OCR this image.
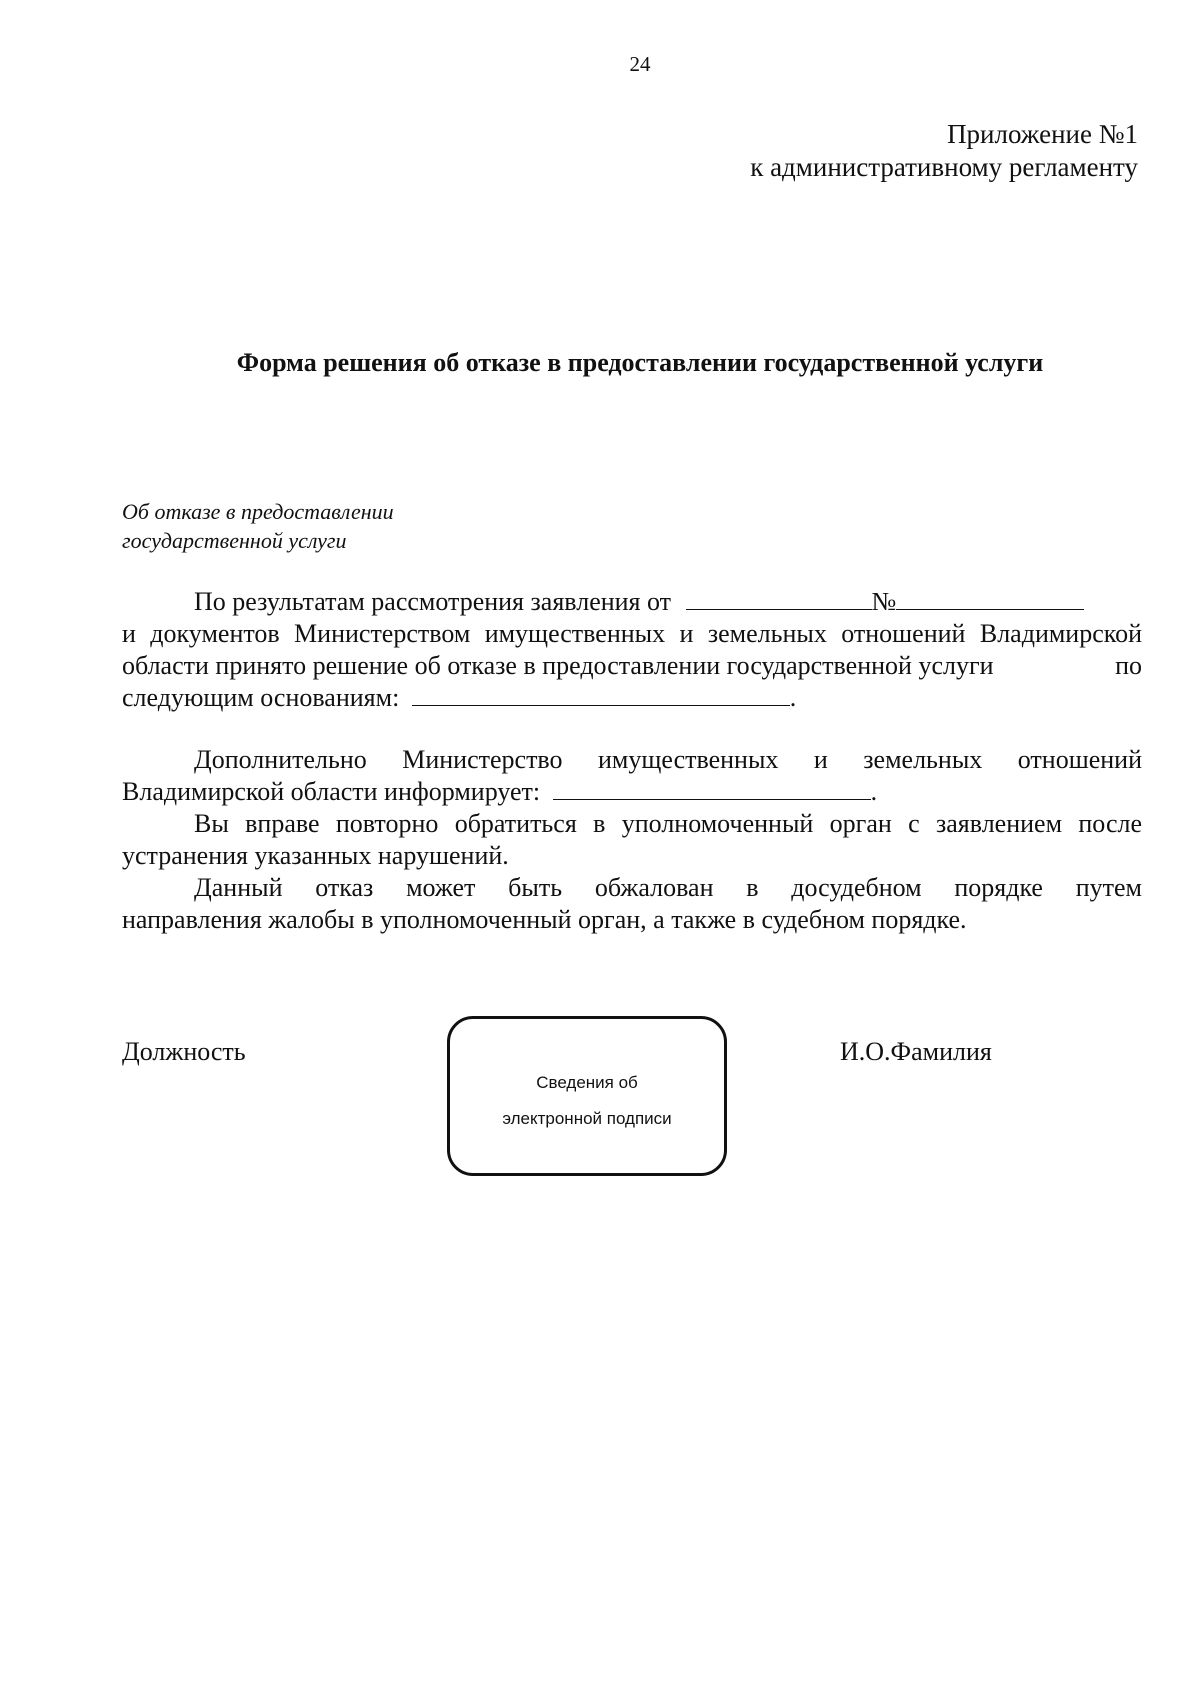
24
Приложение №1
к административному регламенту
Форма решения об отказе в предоставлении государственной услуги
Об отказе в предоставлении
государственной услуги
По результатам рассмотрения заявления от	№
и документов Министерством имущественных и земельных отношений Владимирской
области принято решение об отказе в предоставлении государственной услуги	по
следующим основаниям:	.
Дополнительно Министерство имущественных и земельных отношений
Владимирской области информирует:	.
Вы вправе повторно обратиться в уполномоченный орган с заявлением после
устранения указанных нарушений.
Данный отказ может быть обжалован в досудебном порядке путем
направления жалобы в уполномоченный орган, а также в судебном порядке.
Должность
Сведения об
электронной подписи
И.О.Фамилия
